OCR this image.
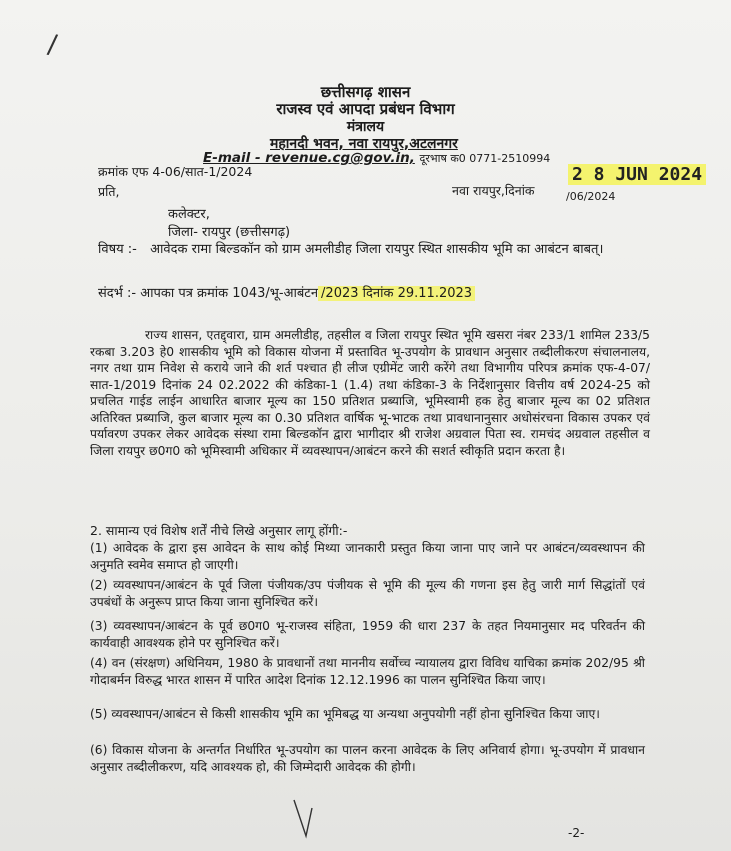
/
छत्तीसगढ़ शासन
राजस्व एवं आपदा प्रबंधन विभाग
मंत्रालय
महानदी भवन, नवा रायपुर,अटलनगर
E-mail - revenue.cg@gov.in, दूरभाष क0 0771-2510994
क्रमांक एफ 4-06/सात-1/2024
नवा रायपुर,दिनांक
2 8 JUN 2024
/06/2024
प्रति,
कलेक्टर,
जिला- रायपुर (छत्तीसगढ़)
विषय :- आवेदक रामा बिल्डकॉन को ग्राम अमलीडीह जिला रायपुर स्थित शासकीय भूमि का आबंटन बाबत्।
संदर्भ :- आपका पत्र क्रमांक 1043/भू-आबंटन /2023 दिनांक 29.11.2023
राज्य शासन, एतद्द्वारा, ग्राम अमलीडीह, तहसील व जिला रायपुर स्थित भूमि खसरा नंबर 233/1 शामिल 233/5 रकबा 3.203 हे0 शासकीय भूमि को विकास योजना में प्रस्तावित भू-उपयोग के प्रावधान अनुसार तब्दीलीकरण संचालनालय, नगर तथा ग्राम निवेश से कराये जाने की शर्त पश्चात ही लीज एग्रीमेंट जारी करेंगे तथा विभागीय परिपत्र क्रमांक एफ-4-07/सात-1/2019 दिनांक 24 02.2022 की कंडिका-1 (1.4) तथा कंडिका-3 के निर्देशानुसार वित्तीय वर्ष 2024-25 को प्रचलित गाईड लाईन आधारित बाजार मूल्य का 150 प्रतिशत प्रब्याजि, भूमिस्वामी हक हेतु बाजार मूल्य का 02 प्रतिशत अतिरिक्त प्रब्याजि, कुल बाजार मूल्य का 0.30 प्रतिशत वार्षिक भू-भाटक तथा प्रावधानानुसार अधोसंरचना विकास उपकर एवं पर्यावरण उपकर लेकर आवेदक संस्था रामा बिल्डकॉन द्वारा भागीदार श्री राजेश अग्रवाल पिता स्व. रामचंद अग्रवाल तहसील व जिला रायपुर छ0ग0 को भूमिस्वामी अधिकार में व्यवस्थापन/आबंटन करने की सशर्त स्वीकृति प्रदान करता है।
2. सामान्य एवं विशेष शर्तें नीचे लिखे अनुसार लागू होंगी:-
(1) आवेदक के द्वारा इस आवेदन के साथ कोई मिथ्या जानकारी प्रस्तुत किया जाना पाए जाने पर आबंटन/व्यवस्थापन की अनुमति स्वमेव समाप्त हो जाएगी।
(2) व्यवस्थापन/आबंटन के पूर्व जिला पंजीयक/उप पंजीयक से भूमि की मूल्य की गणना इस हेतु जारी मार्ग सिद्धांतों एवं उपबंधों के अनुरूप प्राप्त किया जाना सुनिश्चित करें।
(3) व्यवस्थापन/आबंटन के पूर्व छ0ग0 भू-राजस्व संहिता, 1959 की धारा 237 के तहत नियमानुसार मद परिवर्तन की कार्यवाही आवश्यक होने पर सुनिश्चित करें।
(4) वन (संरक्षण) अधिनियम, 1980 के प्रावधानों तथा माननीय सर्वोच्च न्यायालय द्वारा विविध याचिका क्रमांक 202/95 श्री गोदाबर्मन विरुद्ध भारत शासन में पारित आदेश दिनांक 12.12.1996 का पालन सुनिश्चित किया जाए।
(5) व्यवस्थापन/आबंटन से किसी शासकीय भूमि का भूमिबद्ध या अन्यथा अनुपयोगी नहीं होना सुनिश्चित किया जाए।
(6) विकास योजना के अन्तर्गत निर्धारित भू-उपयोग का पालन करना आवेदक के लिए अनिवार्य होगा। भू-उपयोग में प्रावधान अनुसार तब्दीलीकरण, यदि आवश्यक हो, की जिम्मेदारी आवेदक की होगी।
-2-
